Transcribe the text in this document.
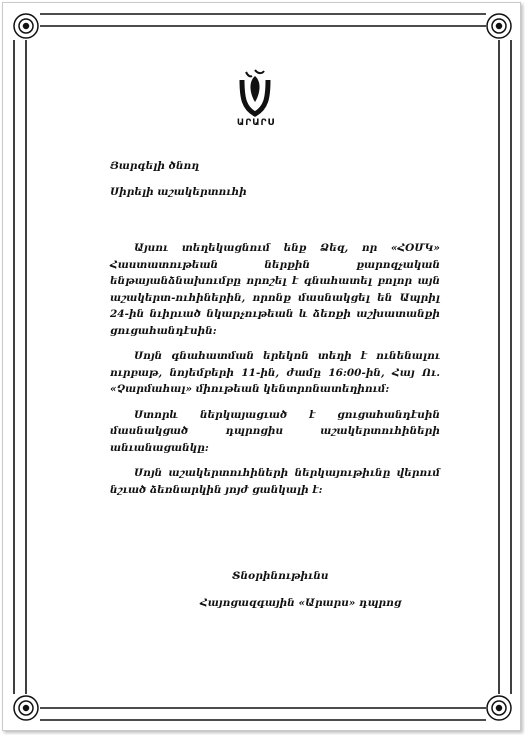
ԱՐԱՐՍ
Յարգելի ծնող
Սիրելի աշակերտուհի

Այսու տեղեկացնում ենք Ձեզ, որ «ՀՕՄԿ» Հաստատութեան ներքին քարոզչական ենթայանձնախումբը որոշել է գնահատել բոլոր այն աշակերտ-ուհիներին, որոնք մասնակցել են Ապրիլ 24-ին նւիրւած նկարչութեան և ձեռքի աշխատանքի ցուցահանդէսին:

Սոյն գնահատման երեկոն տեղի է ունենալու ուրբաթ, նոյեմբերի 11-ին, ժամը 16:00-ին, Հայ Ու. «Չարմահալ» միութեան կենտրոնատեղիում:

Ստորև ներկայացւած է ցուցահանդէսին մասնակցած դպրոցիս աշակերտուհիների անւանացանկը:

Սոյն աշակերտուհիների ներկայութիւնը վերում նշւած ձեռնարկին յոյժ ցանկալի է:

Տնօրինութիւնս
Հայոցազգային «Արարս» դպրոց
